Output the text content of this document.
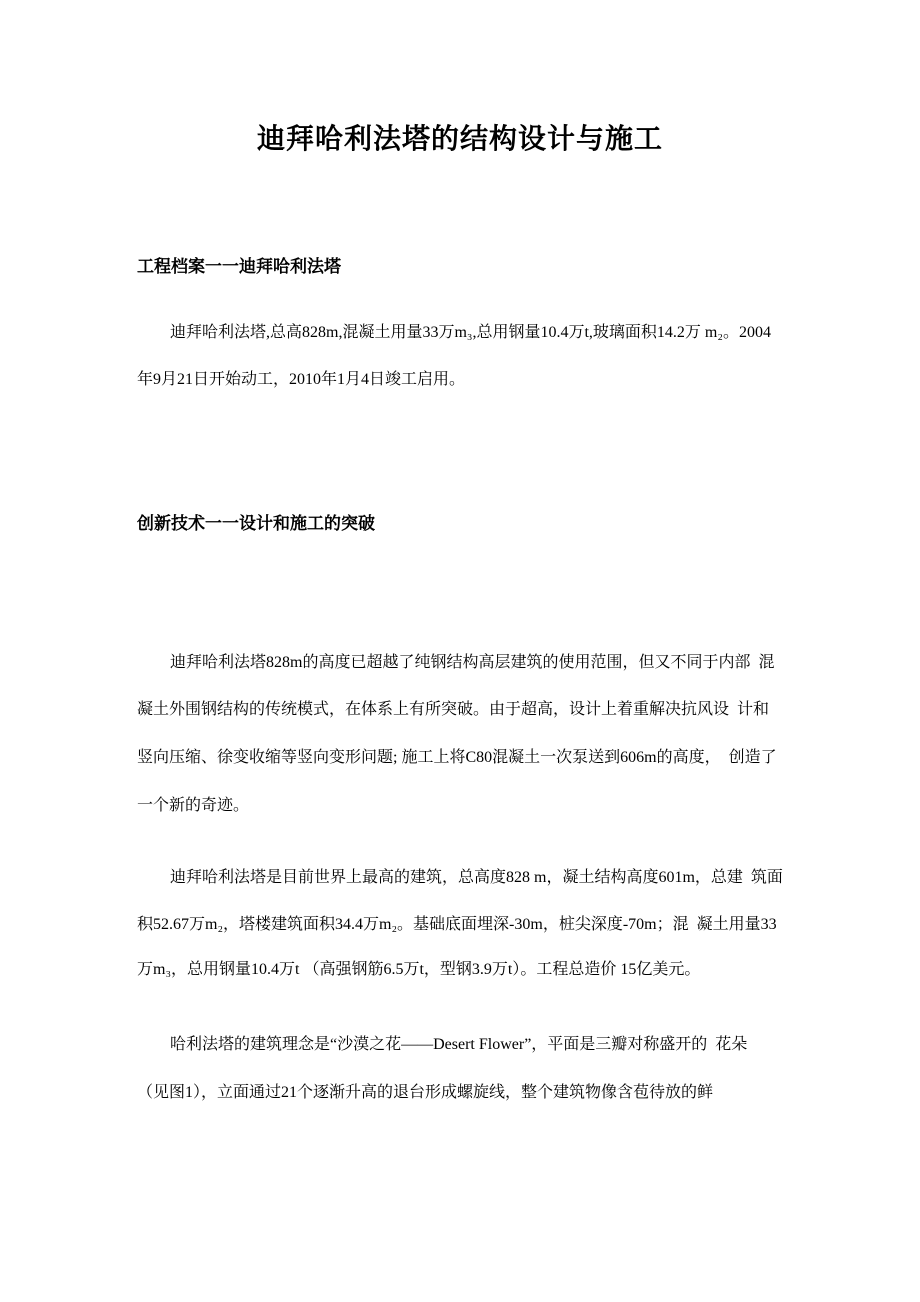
迪拜哈利法塔的结构设计与施工
工程档案一一迪拜哈利法塔
迪拜哈利法塔,总高828m,混凝土用量33万m₃,总用钢量10.4万t,玻璃面积14.2万 m₂。2004
年9月21日开始动工，2010年1月4日竣工启用。
创新技术一一设计和施工的突破
迪拜哈利法塔828m的高度已超越了纯钢结构高层建筑的使用范围，但又不同于内部  混
凝土外围钢结构的传统模式，在体系上有所突破。由于超高，设计上着重解决抗风设  计和
竖向压缩、徐变收缩等竖向变形问题; 施工上将C80混凝土一次泵送到606m的高度，  创造了
一个新的奇迹。
迪拜哈利法塔是目前世界上最高的建筑，总高度828 m，凝土结构高度601m，总建  筑面
积52.67万m₂，塔楼建筑面积34.4万m₂。基础底面埋深-30m，桩尖深度-70m；混  凝土用量33
万m₃，总用钢量10.4万t （高强钢筋6.5万t，型钢3.9万t）。工程总造价 15亿美元。
哈利法塔的建筑理念是“沙漠之花——Desert Flower”，平面是三瓣对称盛开的  花朵
（见图1），立面通过21个逐渐升高的退台形成螺旋线，整个建筑物像含苞待放的鲜
